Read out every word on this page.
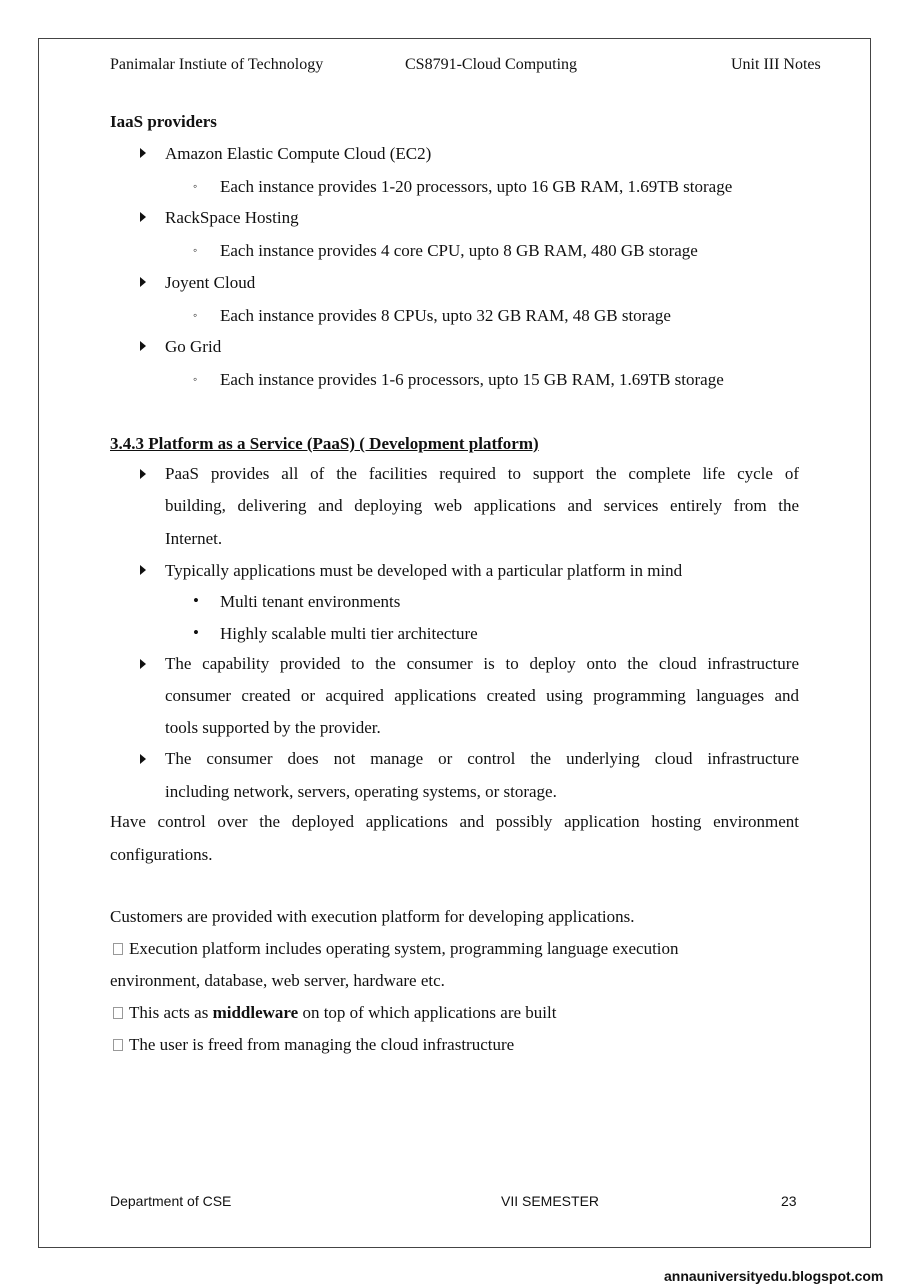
Panimalar Instiute of Technology	CS8791-Cloud Computing	Unit III Notes
IaaS providers
Amazon Elastic Compute Cloud (EC2)
◦ Each instance provides 1-20 processors, upto 16 GB RAM, 1.69TB storage
RackSpace Hosting
◦ Each instance provides 4 core CPU, upto 8 GB RAM, 480 GB storage
Joyent Cloud
◦ Each instance provides 8 CPUs, upto 32 GB RAM, 48 GB storage
Go Grid
◦ Each instance provides 1-6 processors, upto 15 GB RAM, 1.69TB storage
3.4.3 Platform as a Service (PaaS) ( Development platform)
PaaS provides all of the facilities required to support the complete life cycle of
building, delivering and deploying web applications and services entirely from the
Internet.
Typically applications must be developed with a particular platform in mind
• Multi tenant environments
• Highly scalable multi tier architecture
The capability provided to the consumer is to deploy onto the cloud infrastructure
consumer created or acquired applications created using programming languages and
tools supported by the provider.
The consumer does not manage or control the underlying cloud infrastructure
including network, servers, operating systems, or storage.
Have control over the deployed applications and possibly application hosting environment
configurations.
Customers are provided with execution platform for developing applications.
Execution platform includes operating system, programming language execution
environment, database, web server, hardware etc.
This acts as middleware on top of which applications are built
The user is freed from managing the cloud infrastructure
Department of CSE	VII SEMESTER	23
annauniversityedu.blogspot.com
